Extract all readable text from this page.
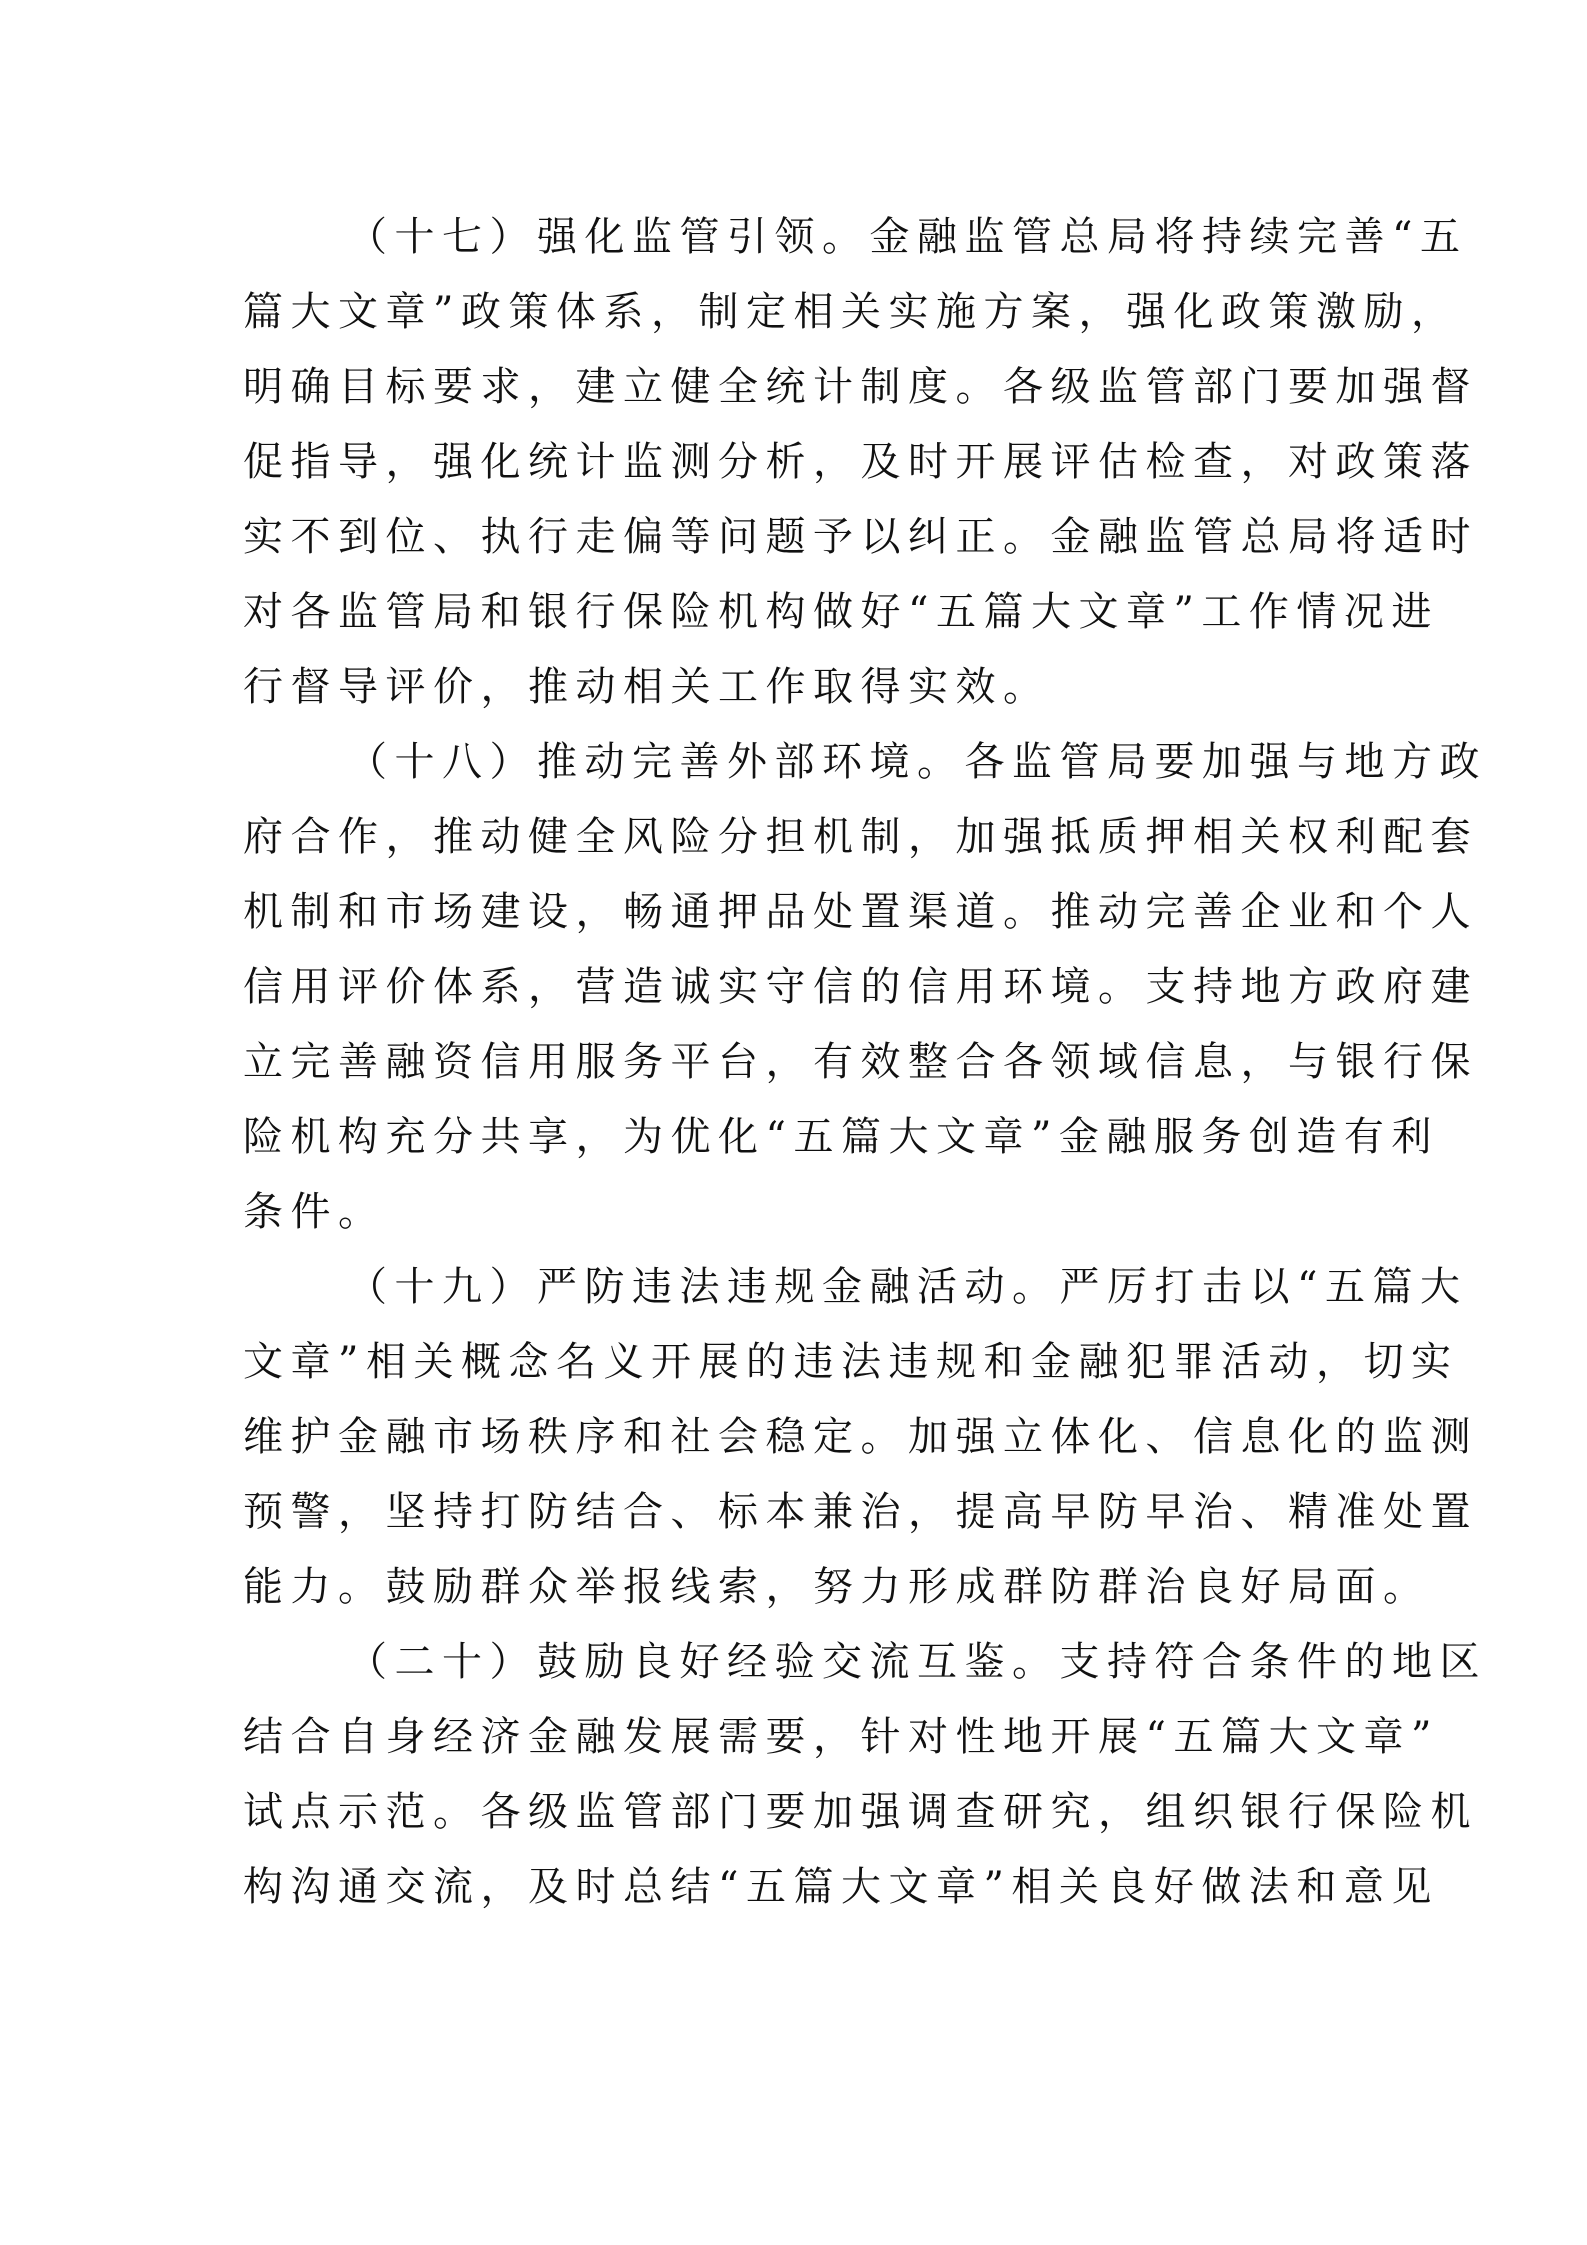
（十七）强化监管引领。金融监管总局将持续完善“五
篇大文章”政策体系，制定相关实施方案，强化政策激励，
明确目标要求，建立健全统计制度。各级监管部门要加强督
促指导，强化统计监测分析，及时开展评估检查，对政策落
实不到位、执行走偏等问题予以纠正。金融监管总局将适时
对各监管局和银行保险机构做好“五篇大文章”工作情况进
行督导评价，推动相关工作取得实效。
（十八）推动完善外部环境。各监管局要加强与地方政
府合作，推动健全风险分担机制，加强抵质押相关权利配套
机制和市场建设，畅通押品处置渠道。推动完善企业和个人
信用评价体系，营造诚实守信的信用环境。支持地方政府建
立完善融资信用服务平台，有效整合各领域信息，与银行保
险机构充分共享，为优化“五篇大文章”金融服务创造有利
条件。
（十九）严防违法违规金融活动。严厉打击以“五篇大
文章”相关概念名义开展的违法违规和金融犯罪活动，切实
维护金融市场秩序和社会稳定。加强立体化、信息化的监测
预警，坚持打防结合、标本兼治，提高早防早治、精准处置
能力。鼓励群众举报线索，努力形成群防群治良好局面。
（二十）鼓励良好经验交流互鉴。支持符合条件的地区
结合自身经济金融发展需要，针对性地开展“五篇大文章”
试点示范。各级监管部门要加强调查研究，组织银行保险机
构沟通交流，及时总结“五篇大文章”相关良好做法和意见
